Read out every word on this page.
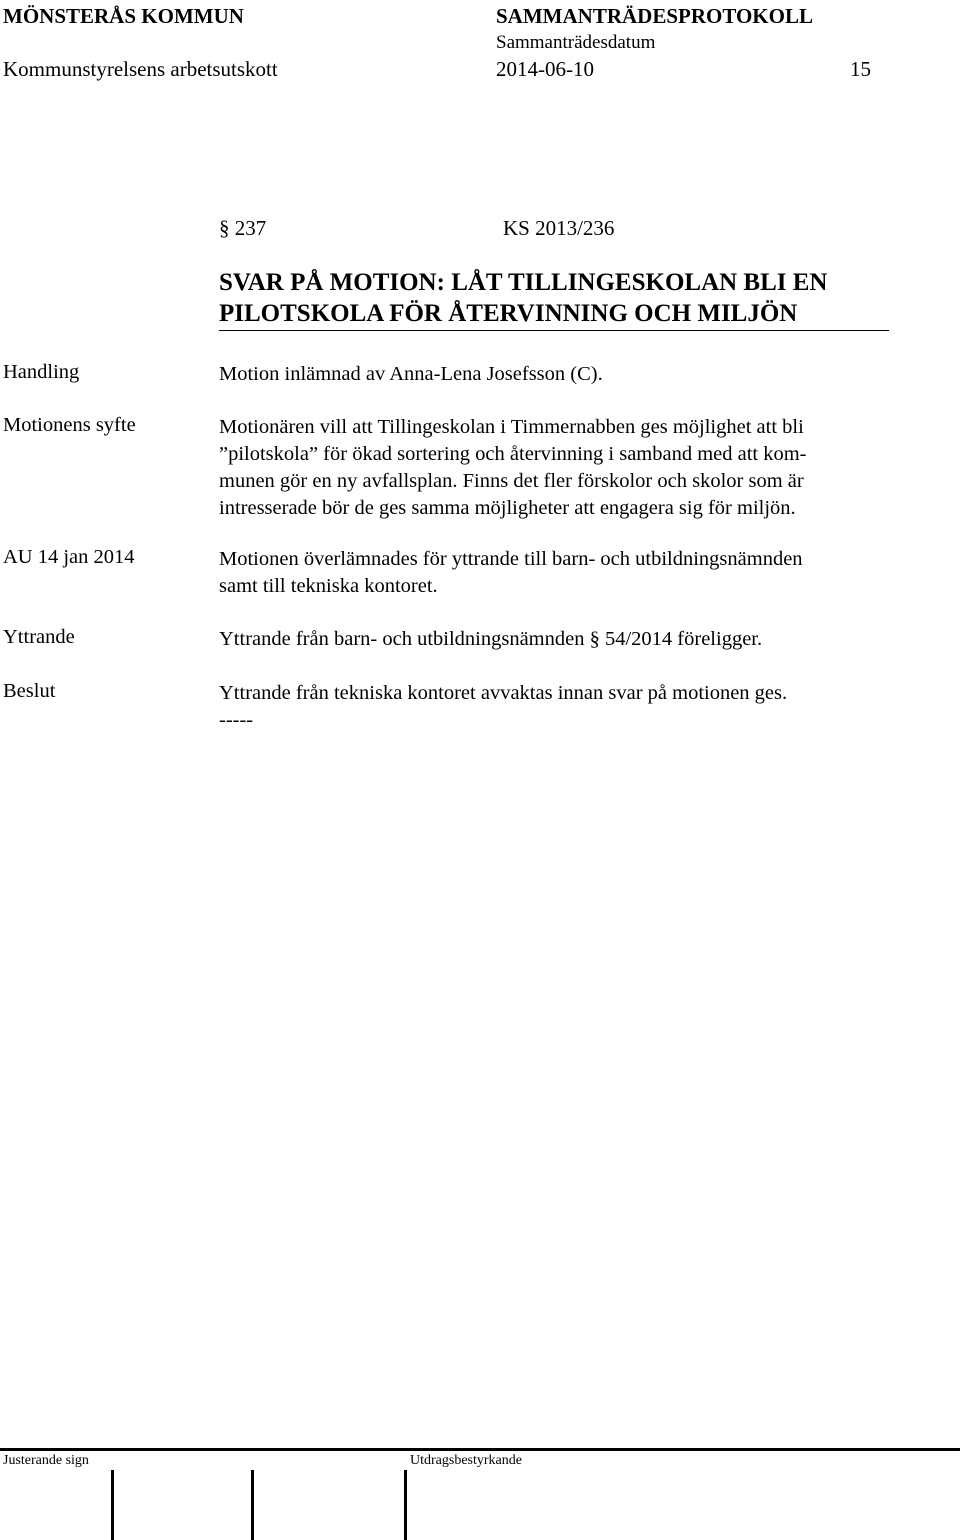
MÖNSTERÅS KOMMUN	SAMMANTRÄDESPROTOKOLL
Sammanträdesdatum
Kommunstyrelsens arbetsutskott	2014-06-10	15
§ 237	KS 2013/236
SVAR PÅ MOTION: LÅT TILLINGESKOLAN BLI EN
PILOTSKOLA FÖR ÅTERVINNING OCH MILJÖN
Handling	Motion inlämnad av Anna-Lena Josefsson (C).
Motionens syfte	Motionären vill att Tillingeskolan i Timmernabben ges möjlighet att bli
”pilotskola” för ökad sortering och återvinning i samband med att kom-
munen gör en ny avfallsplan. Finns det fler förskolor och skolor som är
intresserade bör de ges samma möjligheter att engagera sig för miljön.
AU 14 jan 2014	Motionen överlämnades för yttrande till barn- och utbildningsnämnden
samt till tekniska kontoret.
Yttrande	Yttrande från barn- och utbildningsnämnden § 54/2014 föreligger.
Beslut	Yttrande från tekniska kontoret avvaktas innan svar på motionen ges.
-----
Justerande sign	Utdragsbestyrkande
